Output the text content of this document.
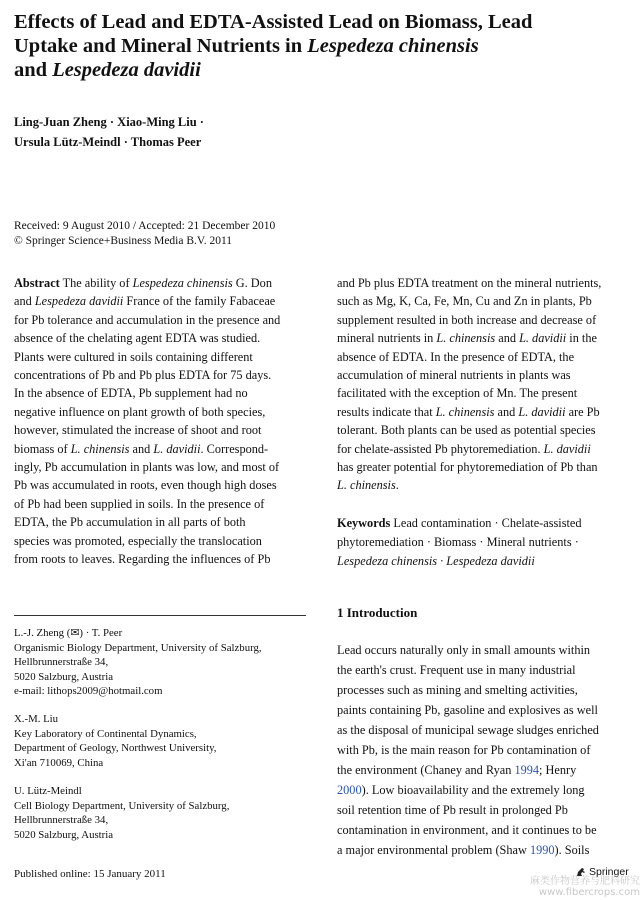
Effects of Lead and EDTA-Assisted Lead on Biomass, Lead
Uptake and Mineral Nutrients in Lespedeza chinensis
and Lespedeza davidii
Ling-Juan Zheng · Xiao-Ming Liu ·
Ursula Lütz-Meindl · Thomas Peer
Received: 9 August 2010 / Accepted: 21 December 2010
© Springer Science+Business Media B.V. 2011
Abstract The ability of Lespedeza chinensis G. Don
and Lespedeza davidii France of the family Fabaceae
for Pb tolerance and accumulation in the presence and
absence of the chelating agent EDTA was studied.
Plants were cultured in soils containing different
concentrations of Pb and Pb plus EDTA for 75 days.
In the absence of EDTA, Pb supplement had no
negative influence on plant growth of both species,
however, stimulated the increase of shoot and root
biomass of L. chinensis and L. davidii. Correspond-
ingly, Pb accumulation in plants was low, and most of
Pb was accumulated in roots, even though high doses
of Pb had been supplied in soils. In the presence of
EDTA, the Pb accumulation in all parts of both
species was promoted, especially the translocation
from roots to leaves. Regarding the influences of Pb
and Pb plus EDTA treatment on the mineral nutrients,
such as Mg, K, Ca, Fe, Mn, Cu and Zn in plants, Pb
supplement resulted in both increase and decrease of
mineral nutrients in L. chinensis and L. davidii in the
absence of EDTA. In the presence of EDTA, the
accumulation of mineral nutrients in plants was
facilitated with the exception of Mn. The present
results indicate that L. chinensis and L. davidii are Pb
tolerant. Both plants can be used as potential species
for chelate-assisted Pb phytoremediation. L. davidii
has greater potential for phytoremediation of Pb than
L. chinensis.
Keywords Lead contamination · Chelate-assisted
phytoremediation · Biomass · Mineral nutrients ·
Lespedeza chinensis · Lespedeza davidii
1 Introduction
Lead occurs naturally only in small amounts within
the earth's crust. Frequent use in many industrial
processes such as mining and smelting activities,
paints containing Pb, gasoline and explosives as well
as the disposal of municipal sewage sludges enriched
with Pb, is the main reason for Pb contamination of
the environment (Chaney and Ryan 1994; Henry
2000). Low bioavailability and the extremely long
soil retention time of Pb result in prolonged Pb
contamination in environment, and it continues to be
a major environmental problem (Shaw 1990). Soils
L.-J. Zheng (✉) · T. Peer
Organismic Biology Department, University of Salzburg,
Hellbrunnerstraße 34,
5020 Salzburg, Austria
e-mail: lithops2009@hotmail.com
X.-M. Liu
Key Laboratory of Continental Dynamics,
Department of Geology, Northwest University,
Xi'an 710069, China
U. Lütz-Meindl
Cell Biology Department, University of Salzburg,
Hellbrunnerstraße 34,
5020 Salzburg, Austria
Published online: 15 January 2011	Springer
麻类作物营养与肥料研究
www.fibercrops.com
